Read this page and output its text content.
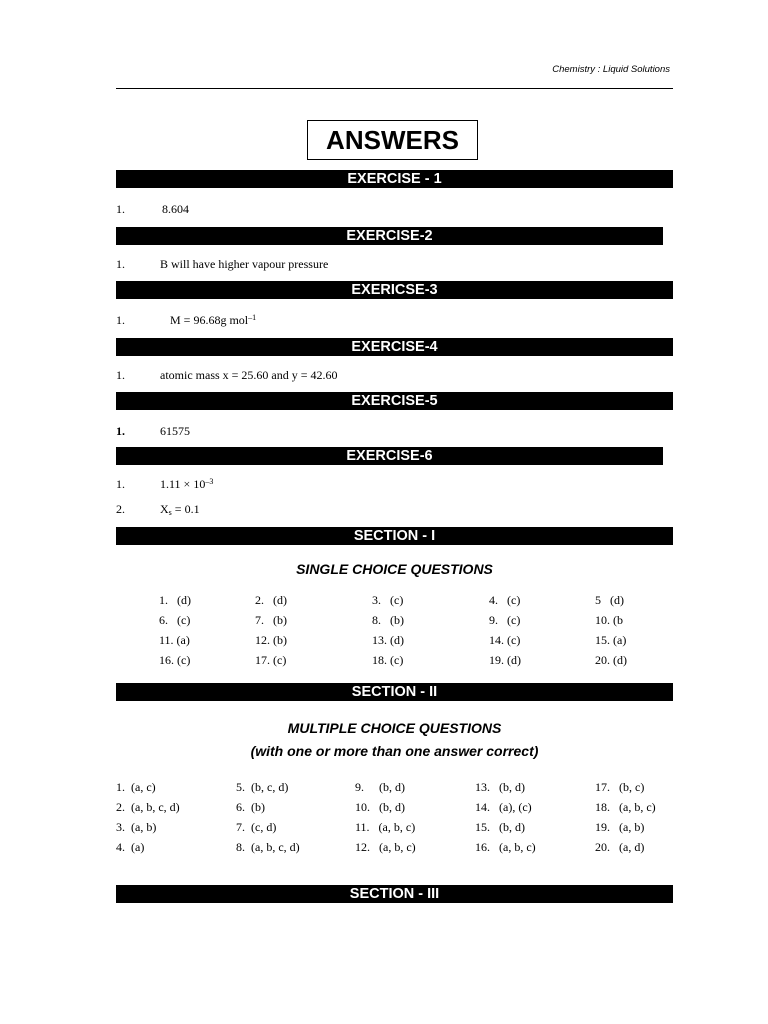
Chemistry : Liquid Solutions
ANSWERS
EXERCISE - 1
1.	8.604
EXERCISE-2
1.	B will have higher vapour pressure
EXERICSE-3
1.	M = 96.68g mol$^{-1}$
EXERCISE-4
1.	atomic mass x = 25.60 and y = 42.60
EXERCISE-5
1.	61575
EXERCISE-6
1.	$1.11 \times 10^{-3}$
2.	$X_s = 0.1$
SECTION - I
SINGLE CHOICE QUESTIONS
1.   (d)	2.   (d)	3.   (c)	4.   (c)	5   (d)
6.   (c)	7.   (b)	8.   (b)	9.   (c)	10. (b
11. (a)	12. (b)	13. (d)	14. (c)	15. (a)
16. (c)	17. (c)	18. (c)	19. (d)	20. (d)
SECTION - II
MULTIPLE CHOICE QUESTIONS
(with one or more than one answer correct)
1.  (a, c)	5.  (b, c, d)	9.     (b, d)	13.   (b, d)	17.   (b, c)
2.  (a, b, c, d)	6.  (b)	10.   (b, d)	14.   (a), (c)	18.   (a, b, c)
3.  (a, b)	7.  (c, d)	11.   (a, b, c)	15.   (b, d)	19.   (a, b)
4.  (a)	8.  (a, b, c, d)	12.   (a, b, c)	16.   (a, b, c)	20.   (a, d)
SECTION - III
